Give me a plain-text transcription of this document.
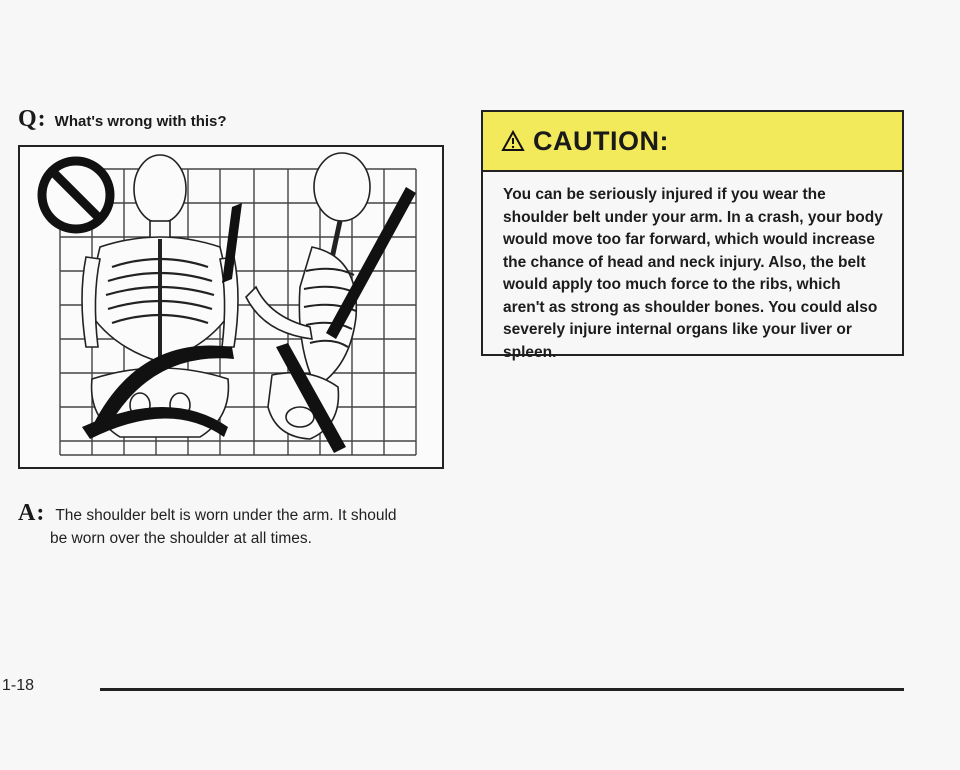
Q: What's wrong with this?
A: The shoulder belt is worn under the arm. It should
be worn over the shoulder at all times.
CAUTION:
You can be seriously injured if you wear the shoulder belt under your arm. In a crash, your body would move too far forward, which would increase the chance of head and neck injury. Also, the belt would apply too much force to the ribs, which aren't as strong as shoulder bones. You could also severely injure internal organs like your liver or spleen.
1-18
